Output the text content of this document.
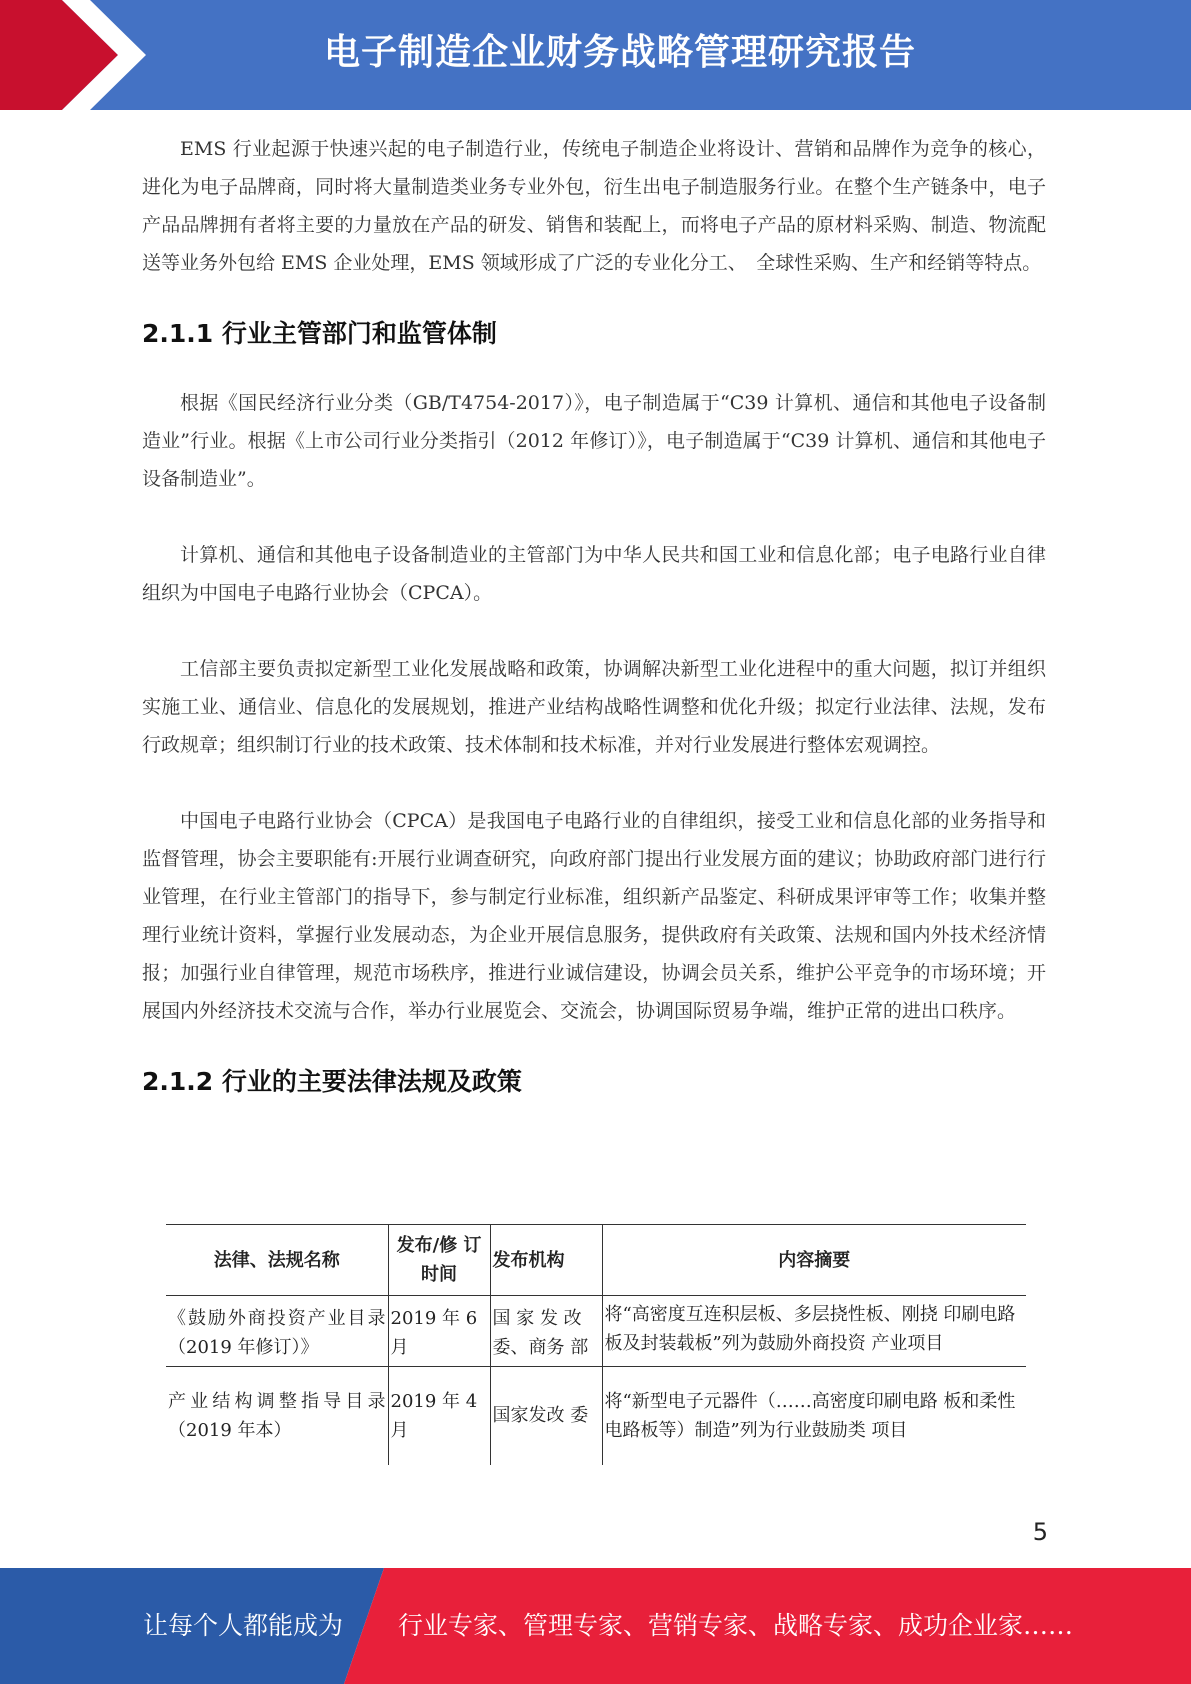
电子制造企业财务战略管理研究报告

EMS 行业起源于快速兴起的电子制造行业，传统电子制造企业将设计、营销和品牌作为竞争的核心，进化为电子品牌商，同时将大量制造类业务专业外包，衍生出电子制造服务行业。在整个生产链条中，电子产品品牌拥有者将主要的力量放在产品的研发、销售和装配上，而将电子产品的原材料采购、制造、物流配送等业务外包给 EMS 企业处理，EMS 领域形成了广泛的专业化分工、　全球性采购、生产和经销等特点。

2.1.1 行业主管部门和监管体制

根据《国民经济行业分类（GB/T4754-2017）》，电子制造属于“C39 计算机、通信和其他电子设备制造业”行业。根据《上市公司行业分类指引（2012 年修订）》，电子制造属于“C39 计算机、通信和其他电子设备制造业”。

计算机、通信和其他电子设备制造业的主管部门为中华人民共和国工业和信息化部；电子电路行业自律组织为中国电子电路行业协会（CPCA）。

工信部主要负责拟定新型工业化发展战略和政策，协调解决新型工业化进程中的重大问题，拟订并组织实施工业、通信业、信息化的发展规划，推进产业结构战略性调整和优化升级；拟定行业法律、法规，发布行政规章；组织制订行业的技术政策、技术体制和技术标准，并对行业发展进行整体宏观调控。

中国电子电路行业协会（CPCA）是我国电子电路行业的自律组织，接受工业和信息化部的业务指导和监督管理，协会主要职能有:开展行业调查研究，向政府部门提出行业发展方面的建议；协助政府部门进行行业管理，在行业主管部门的指导下，参与制定行业标准，组织新产品鉴定、科研成果评审等工作；收集并整理行业统计资料，掌握行业发展动态，为企业开展信息服务，提供政府有关政策、法规和国内外技术经济情报；加强行业自律管理，规范市场秩序，推进行业诚信建设，协调会员关系，维护公平竞争的市场环境；开展国内外经济技术交流与合作，举办行业展览会、交流会，协调国际贸易争端，维护正常的进出口秩序。

2.1.2 行业的主要法律法规及政策
法律、法规名称	发布/修 订时间	发布机构	内容摘要
《鼓励外商投资产业目录（2019 年修订）》	2019 年 6 月	国 家 发 改 委、商务 部	将“高密度互连积层板、多层挠性板、刚挠 印刷电路板及封装载板”列为鼓励外商投资 产业项目
产业结构调整指导目录（2019 年本）	2019 年 4 月	国家发改 委	将“新型电子元器件（……高密度印刷电路 板和柔性电路板等）制造”列为行业鼓励类 项目
5
让每个人都能成为 行业专家、管理专家、营销专家、战略专家、成功企业家……
